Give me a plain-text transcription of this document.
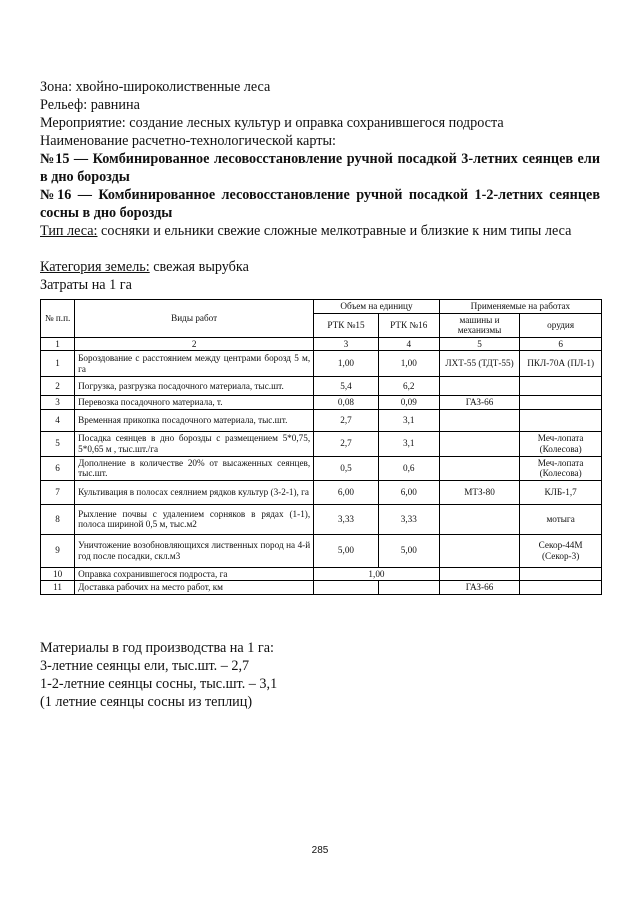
Зона: хвойно-широколиственные леса

Рельеф: равнина

Мероприятие: создание лесных культур и оправка сохранившегося подроста

Наименование расчетно-технологической карты:

№15 — Комбинированное лесовосстановление ручной посадкой 3-летних сеянцев ели в дно борозды

№16 — Комбинированное лесовосстановление ручной посадкой 1-2-летних сеянцев сосны в дно борозды

Тип леса: сосняки и ельники свежие сложные мелкотравные и близкие к ним типы леса

Категория земель: свежая вырубка

Затраты на 1 га

№ п.п.	Виды работ	Объем на единицу		Применяемые на работах	
		РТК №15	РТК №16	машины и механизмы	орудия
1	2	3	4	5	6
1	Бороздование с расстоянием между центрами борозд 5 м, га	1,00	1,00	ЛХТ-55 (ТДТ-55)	ПКЛ-70А (ПЛ-1)
2	Погрузка, разгрузка посадочного материала, тыс.шт.	5,4	6,2		
3	Перевозка посадочного материала, т.	0,08	0,09	ГАЗ-66	
4	Временная прикопка посадочного материала, тыс.шт.	2,7	3,1		
5	Посадка сеянцев в дно борозды с размещением 5*0,75, 5*0,65 м , тыс.шт./га	2,7	3,1		Меч-лопата (Колесова)
6	Дополнение в количестве 20% от высаженных сеянцев, тыс.шт.	0,5	0,6		Меч-лопата (Колесова)
7	Культивация в полосах сеялнием рядков культур (3-2-1), га	6,00	6,00	МТЗ-80	КЛБ-1,7
8	Рыхление почвы с удалением сорняков в рядах (1-1), полоса шириной 0,5 м, тыс.м2	3,33	3,33		мотыга
9	Уничтожение возобновляющихся лиственных пород на 4-й год после посадки, скл.м3	5,00	5,00		Секор-44М (Секор-3)
10	Оправка сохранившегося подроста, га	1,00			
11	Доставка рабочих на место работ, км			ГАЗ-66	

Материалы в год производства на 1 га:

3-летние сеянцы ели, тыс.шт. – 2,7

1-2-летние сеянцы сосны, тыс.шт. – 3,1

(1 летние сеянцы сосны из теплиц)

285
